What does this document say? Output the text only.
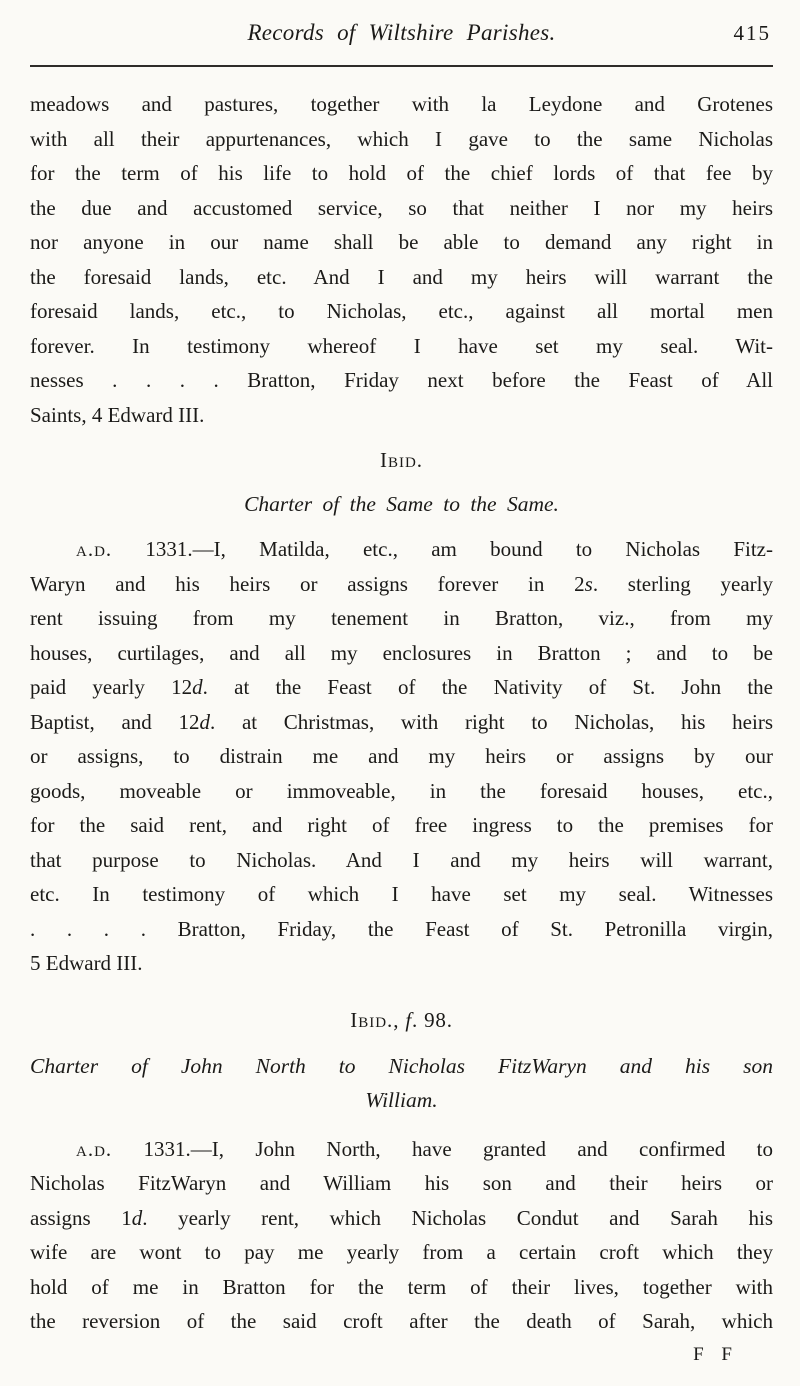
Records of Wiltshire Parishes.	415
meadows and pastures, together with la Leydone and Grotenes
with all their appurtenances, which I gave to the same Nicholas
for the term of his life to hold of the chief lords of that fee by
the due and accustomed service, so that neither I nor my heirs
nor anyone in our name shall be able to demand any right in
the foresaid lands, etc. And I and my heirs will warrant the
foresaid lands, etc., to Nicholas, etc., against all mortal men
forever. In testimony whereof I have set my seal. Wit-
nesses . . . . Bratton, Friday next before the Feast of All
Saints, 4 Edward III.
Ibid.
Charter of the Same to the Same.
a.d. 1331.—I, Matilda, etc., am bound to Nicholas Fitz-
Waryn and his heirs or assigns forever in 2s. sterling yearly
rent issuing from my tenement in Bratton, viz., from my
houses, curtilages, and all my enclosures in Bratton ; and to be
paid yearly 12d. at the Feast of the Nativity of St. John the
Baptist, and 12d. at Christmas, with right to Nicholas, his heirs
or assigns, to distrain me and my heirs or assigns by our
goods, moveable or immoveable, in the foresaid houses, etc.,
for the said rent, and right of free ingress to the premises for
that purpose to Nicholas. And I and my heirs will warrant,
etc. In testimony of which I have set my seal. Witnesses
. . . . Bratton, Friday, the Feast of St. Petronilla virgin,
5 Edward III.
Ibid., f. 98.
Charter of John North to Nicholas FitzWaryn and his son
William.
a.d. 1331.—I, John North, have granted and confirmed to
Nicholas FitzWaryn and William his son and their heirs or
assigns 1d. yearly rent, which Nicholas Condut and Sarah his
wife are wont to pay me yearly from a certain croft which they
hold of me in Bratton for the term of their lives, together with
the reversion of the said croft after the death of Sarah, which
F F
